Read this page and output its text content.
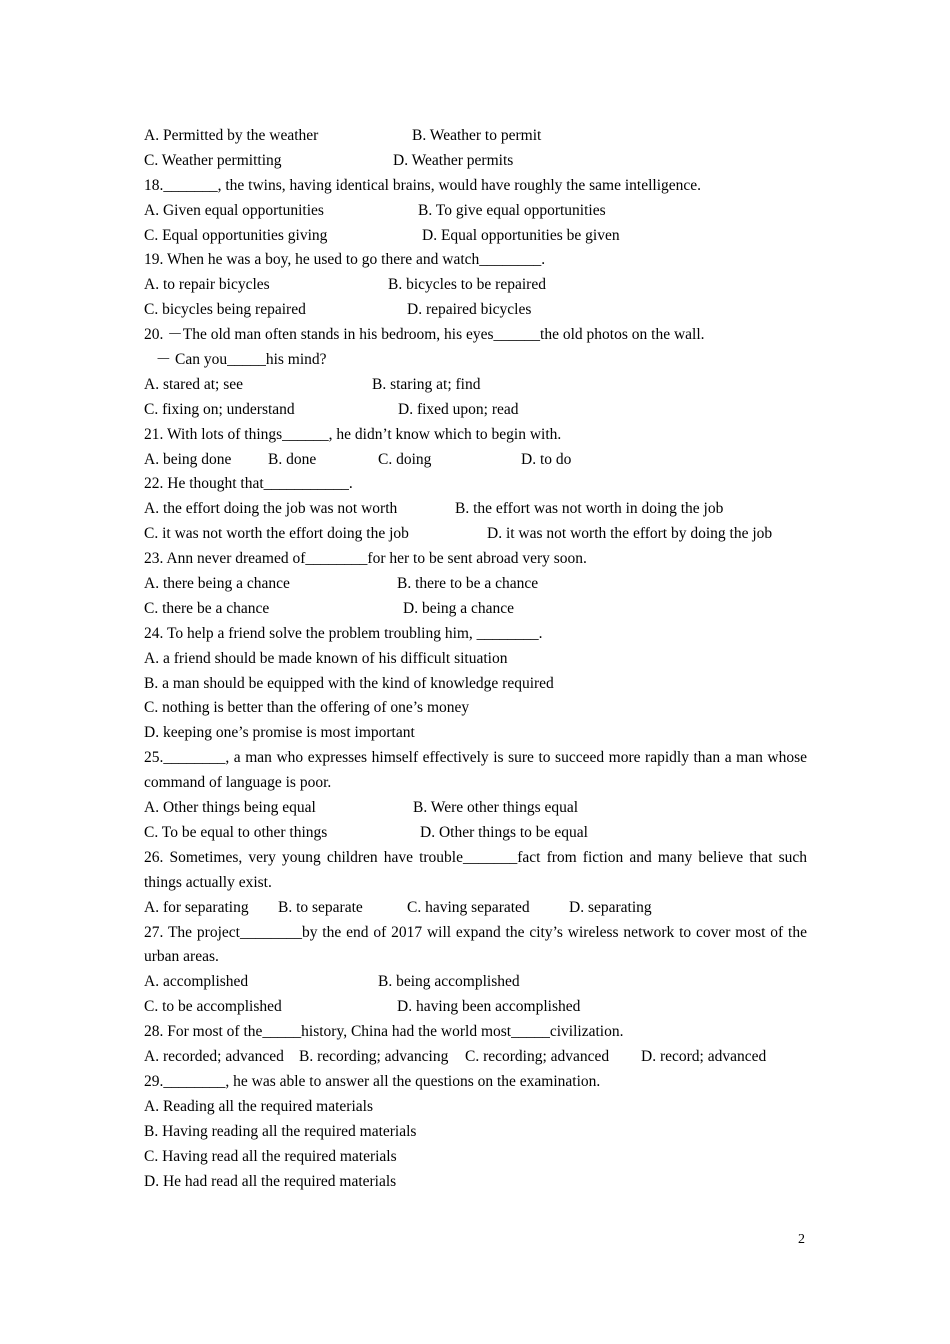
A. Permitted by the weather	B. Weather to permit
C. Weather permitting	D. Weather permits
18._______, the twins, having identical brains, would have roughly the same intelligence.
A. Given equal opportunities	B. To give equal opportunities
C. Equal opportunities giving	D. Equal opportunities be given
19. When he was a boy, he used to go there and watch________.
A. to repair bicycles	B. bicycles to be repaired
C. bicycles being repaired	D. repaired bicycles
20. －The old man often stands in his bedroom, his eyes______the old photos on the wall.
－ Can you_____his mind?
A. stared at; see	B. staring at; find
C. fixing on; understand	D. fixed upon; read
21. With lots of things______, he didn’t know which to begin with.
A. being done B. done	C. doing	D. to do
22. He thought that___________.
A. the effort doing the job was not worth	B. the effort was not worth in doing the job
C. it was not worth the effort doing the job	D. it was not worth the effort by doing the job
23. Ann never dreamed of________for her to be sent abroad very soon.
A. there being a chance	B. there to be a chance
C. there be a chance	D. being a chance
24. To help a friend solve the problem troubling him, ________.
A. a friend should be made known of his difficult situation
B. a man should be equipped with the kind of knowledge required
C. nothing is better than the offering of one’s money
D. keeping one’s promise is most important
25.________, a man who expresses himself effectively is sure to succeed more rapidly than a man whose command of language is poor.
A. Other things being equal	B. Were other things equal
C. To be equal to other things	D. Other things to be equal
26. Sometimes, very young children have trouble_______fact from fiction and many believe that such things actually exist.
A. for separating B. to separate	C. having separated	D. separating
27. The project________by the end of 2017 will expand the city’s wireless network to cover most of the urban areas.
A. accomplished	B. being accomplished
C. to be accomplished	D. having been accomplished
28. For most of the_____history, China had the world most_____civilization.
A. recorded; advanced B. recording; advancing C. recording; advanced D. record; advanced
29.________, he was able to answer all the questions on the examination.
A. Reading all the required materials
B. Having reading all the required materials
C. Having read all the required materials
D. He had read all the required materials
2
